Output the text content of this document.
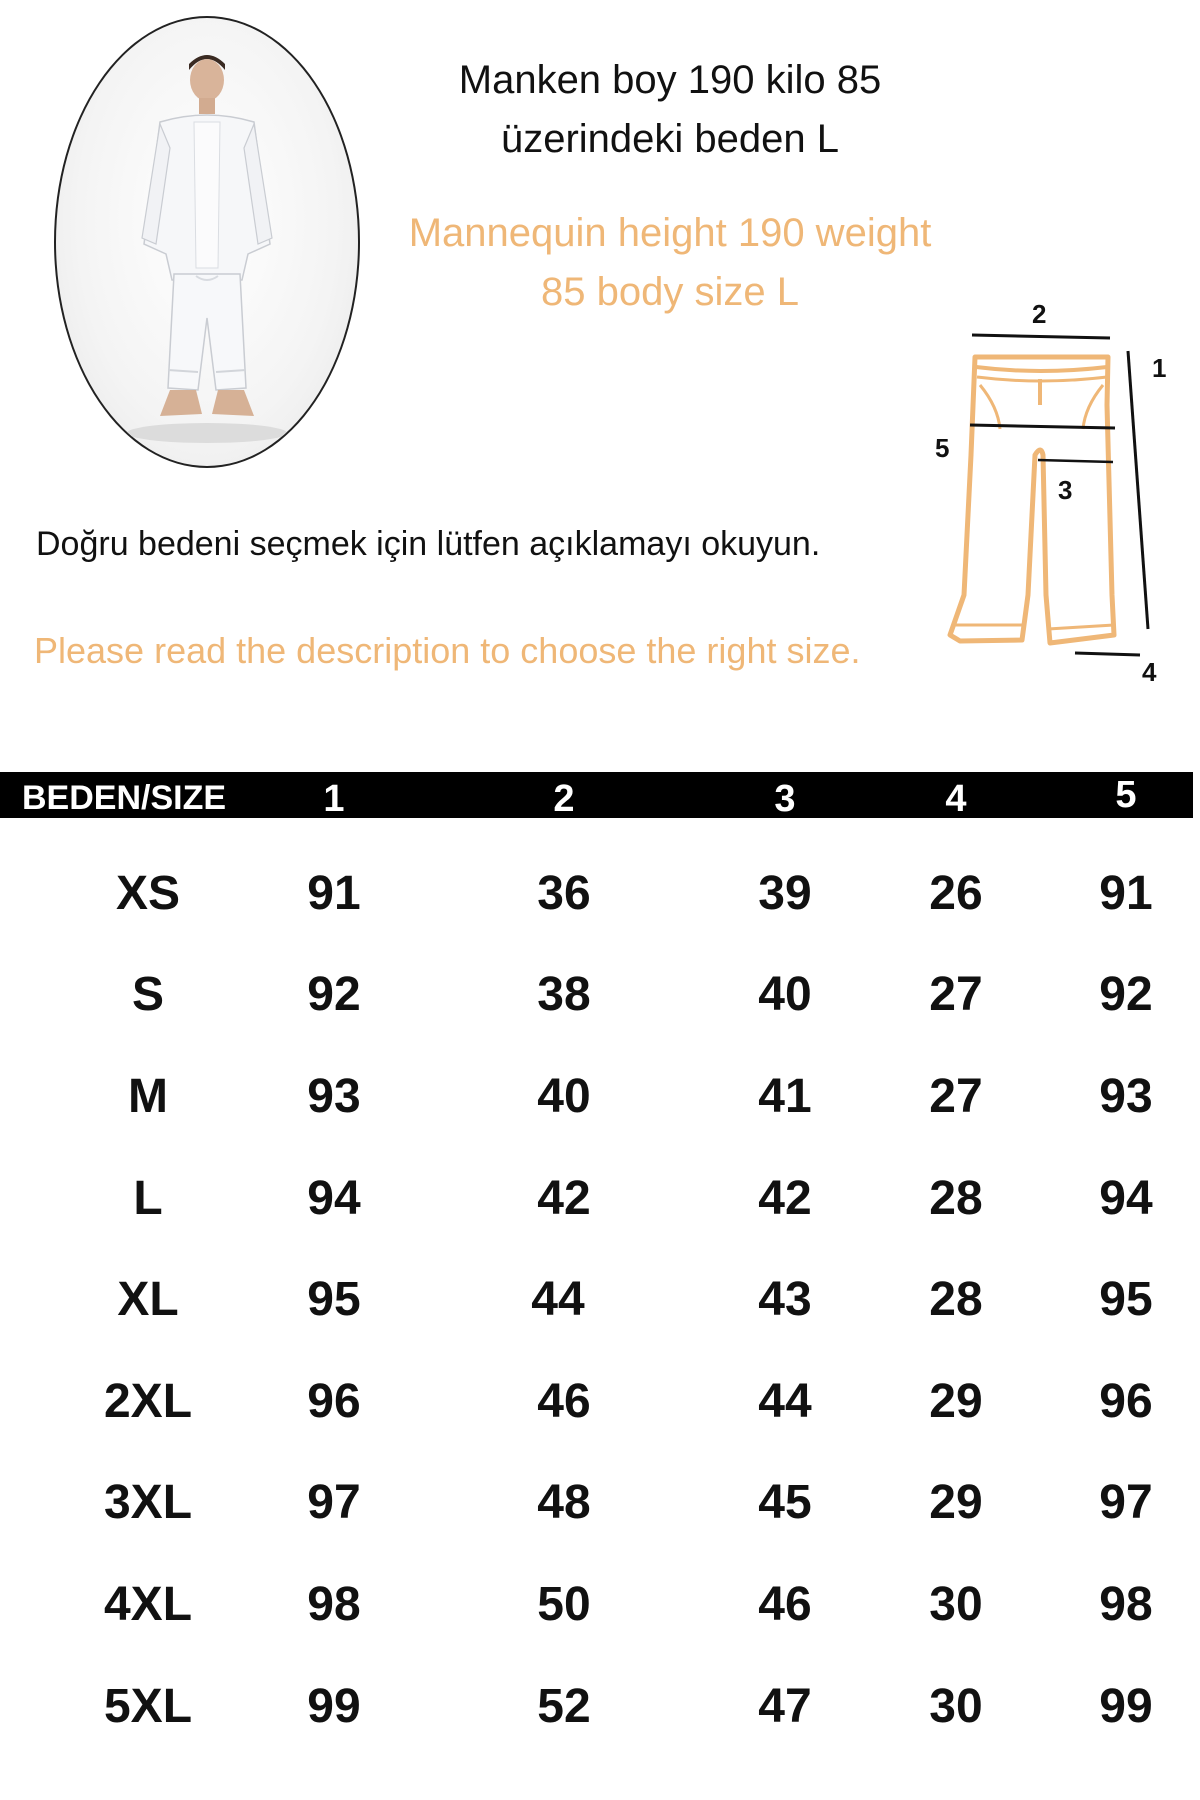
Manken boy 190 kilo 85
üzerindeki beden L
Mannequin height 190 weight
85 body size L
Doğru bedeni seçmek için lütfen açıklamayı okuyun.
Please read the description to choose the right size.
2
1
5
3
4
BEDEN/SIZE	1	2	3	4	5
XS	91	36	39	26	91
S	92	38	40	27	92
M	93	40	41	27	93
L	94	42	42	28	94
XL	95	44	43	28	95
2XL	96	46	44	29	96
3XL	97	48	45	29	97
4XL	98	50	46	30	98
5XL	99	52	47	30	99
